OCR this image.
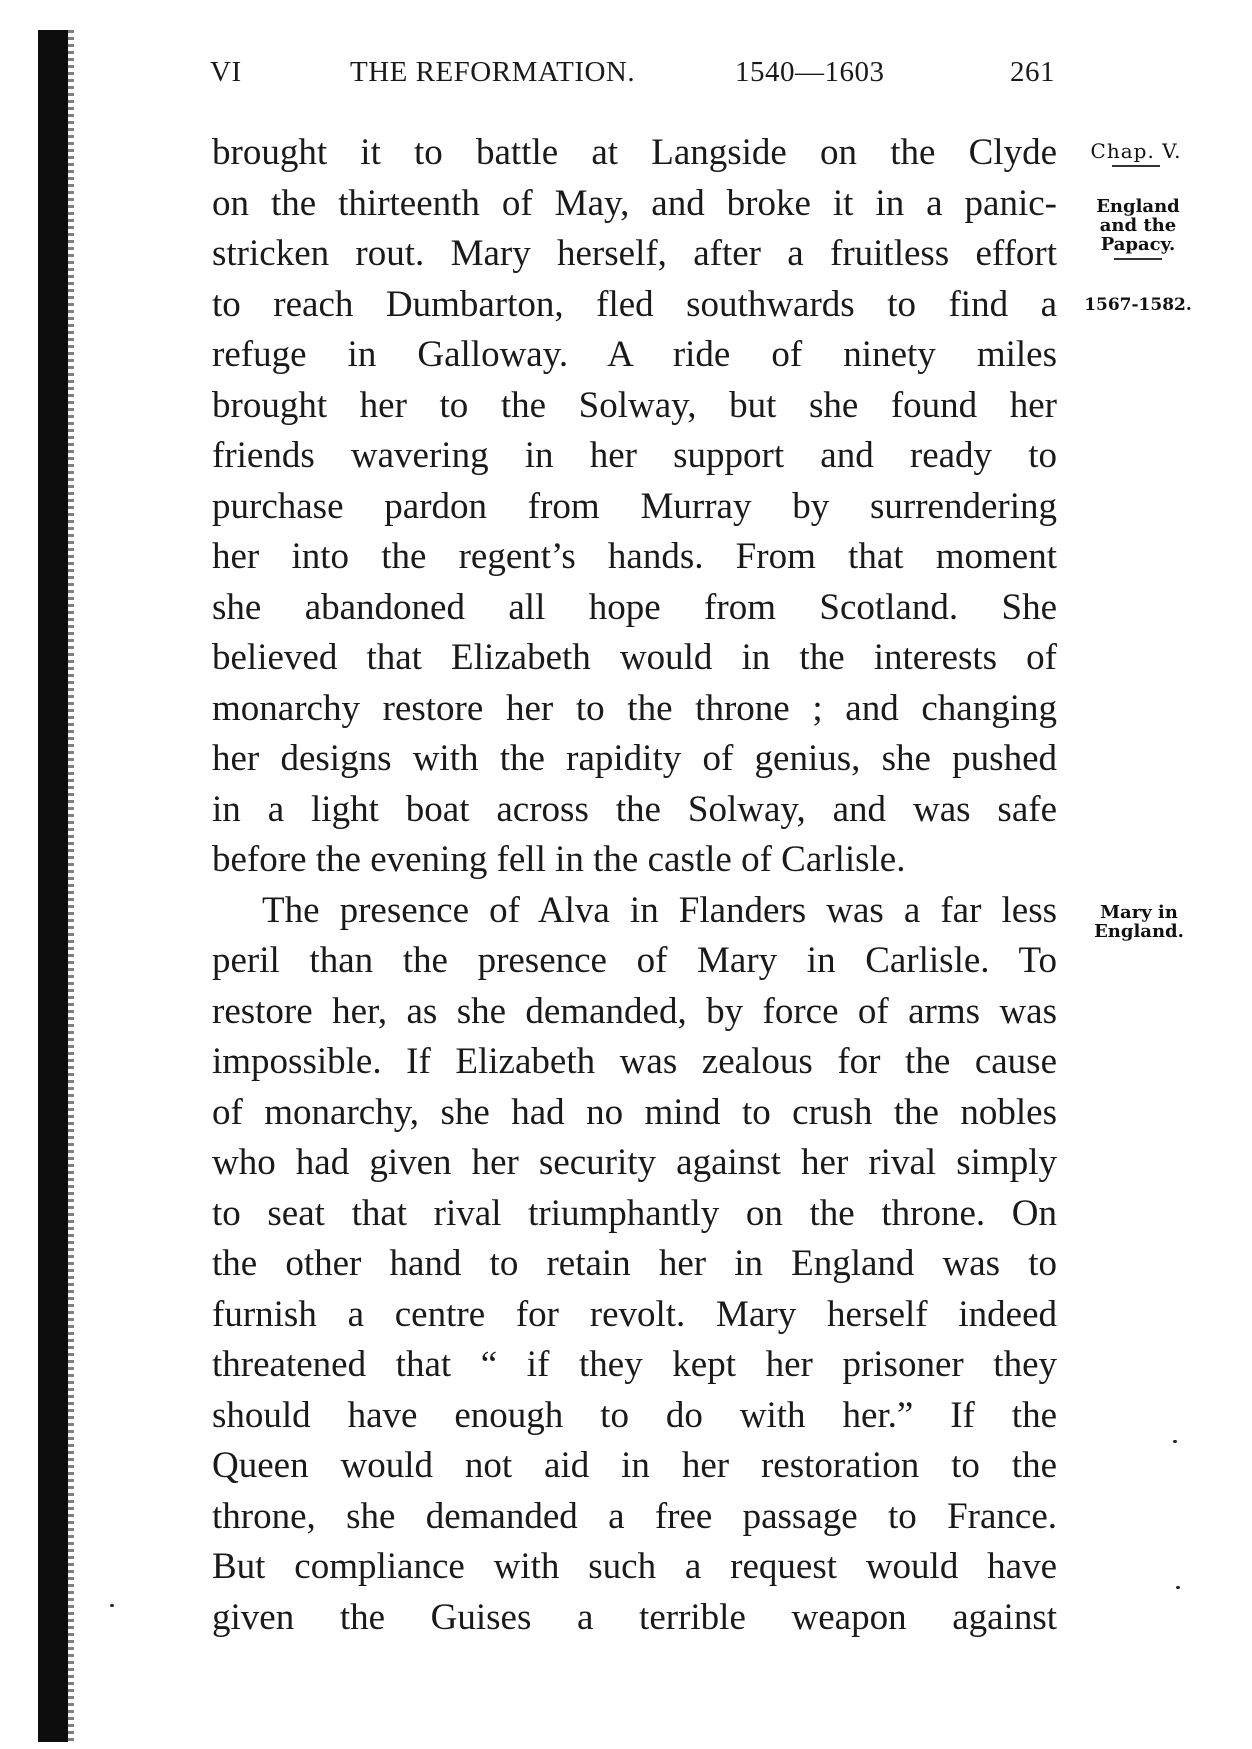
VI	THE REFORMATION.	1540—1603	261

brought it to battle at Langside on the Clyde
on the thirteenth of May, and broke it in a panic-
stricken rout. Mary herself, after a fruitless effort
to reach Dumbarton, fled southwards to find a
refuge in Galloway. A ride of ninety miles
brought her to the Solway, but she found her
friends wavering in her support and ready to
purchase pardon from Murray by surrendering
her into the regent’s hands. From that moment
she abandoned all hope from Scotland. She
believed that Elizabeth would in the interests of
monarchy restore her to the throne ; and changing
her designs with the rapidity of genius, she pushed
in a light boat across the Solway, and was safe
before the evening fell in the castle of Carlisle.

The presence of Alva in Flanders was a far less
peril than the presence of Mary in Carlisle. To
restore her, as she demanded, by force of arms was
impossible. If Elizabeth was zealous for the cause
of monarchy, she had no mind to crush the nobles
who had given her security against her rival simply
to seat that rival triumphantly on the throne. On
the other hand to retain her in England was to
furnish a centre for revolt. Mary herself indeed
threatened that “ if they kept her prisoner they
should have enough to do with her.” If the
Queen would not aid in her restoration to the
throne, she demanded a free passage to France.
But compliance with such a request would have
given the Guises a terrible weapon against

Chap. V.
England
and the
Papacy.
1567-1582.
Mary in
England.
